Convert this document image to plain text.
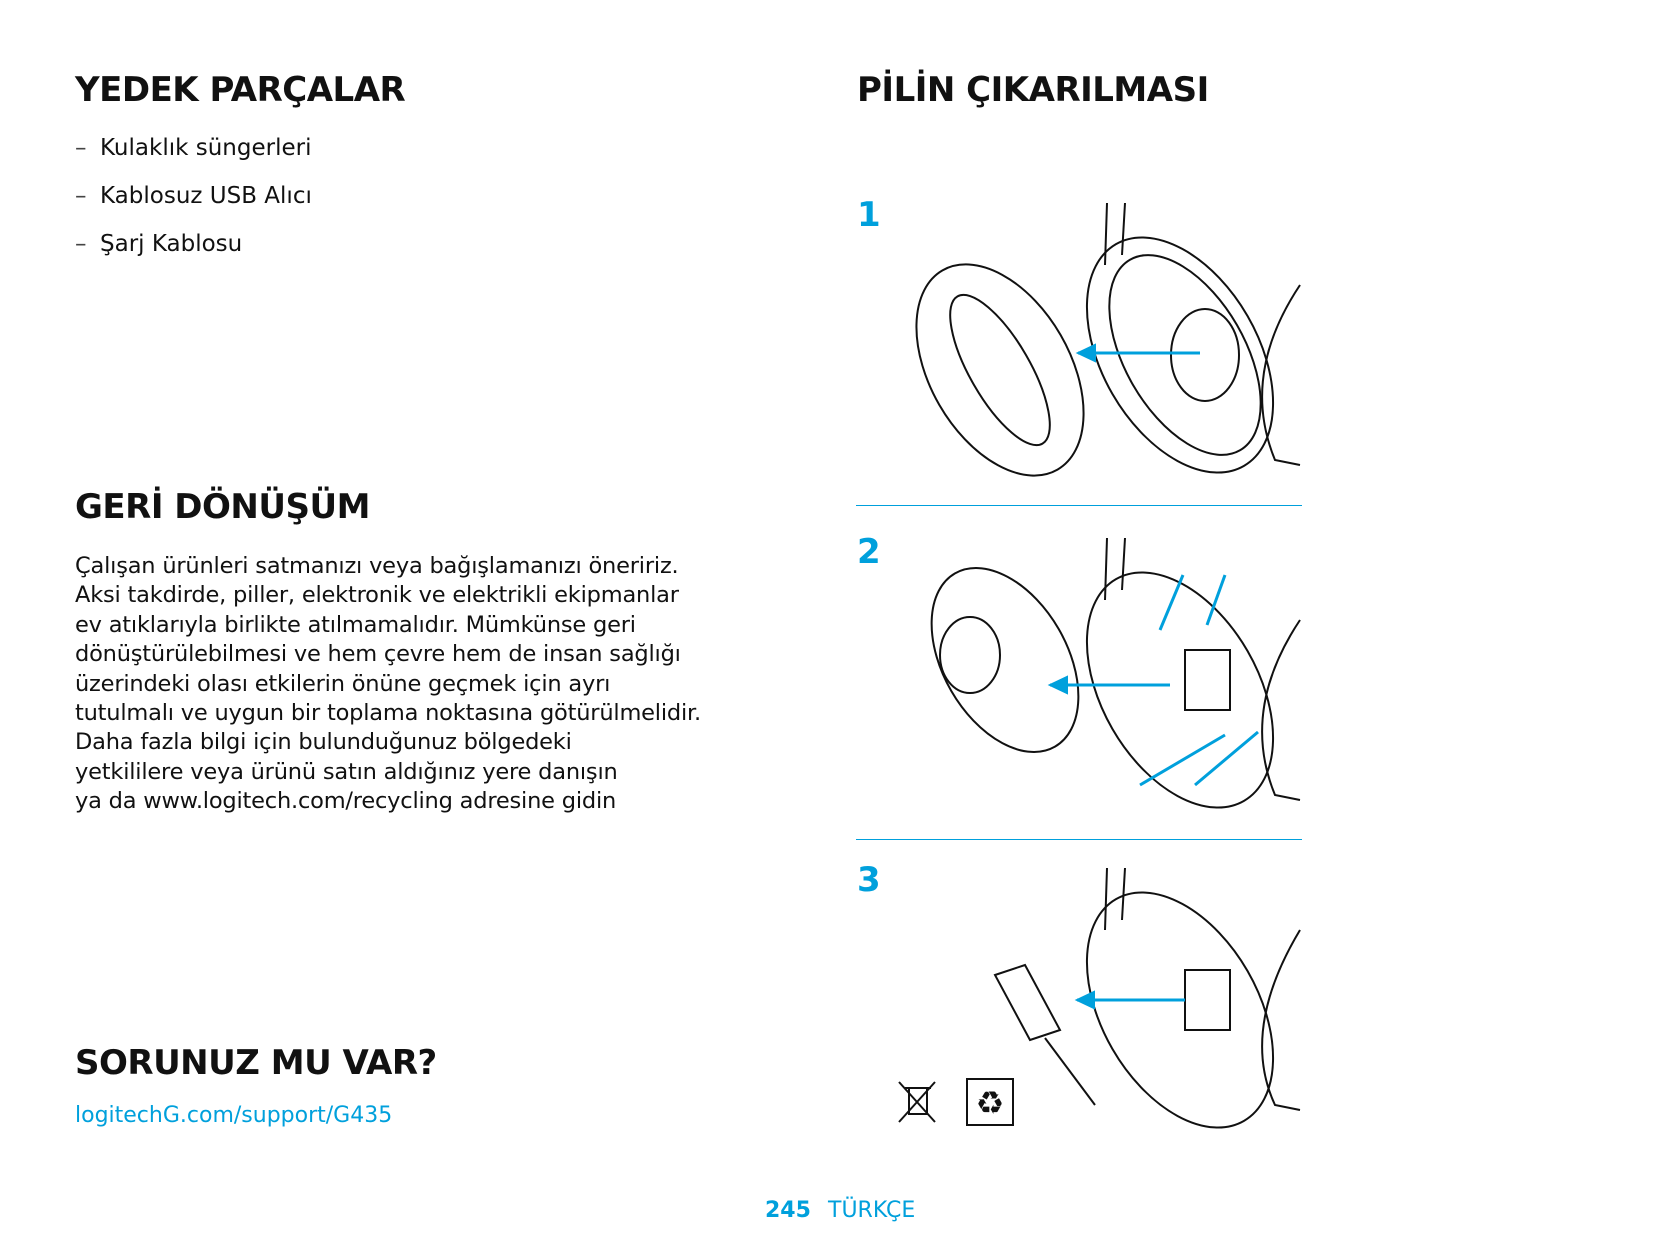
YEDEK PARÇALAR
– Kulaklık süngerleri
– Kablosuz USB Alıcı
– Şarj Kablosu
GERİ DÖNÜŞÜM
Çalışan ürünleri satmanızı veya bağışlamanızı öneririz.
Aksi takdirde, piller, elektronik ve elektrikli ekipmanlar
ev atıklarıyla birlikte atılmamalıdır. Mümkünse geri
dönüştürülebilmesi ve hem çevre hem de insan sağlığı
üzerindeki olası etkilerin önüne geçmek için ayrı
tutulmalı ve uygun bir toplama noktasına götürülmelidir.
Daha fazla bilgi için bulunduğunuz bölgedeki
yetkililere veya ürünü satın aldığınız yere danışın
ya da www.logitech.com/recycling adresine gidin
SORUNUZ MU VAR?
logitechG.com/support/G435
PİLİN ÇIKARILMASI
1
2
3
♻
245 TÜRKÇE
